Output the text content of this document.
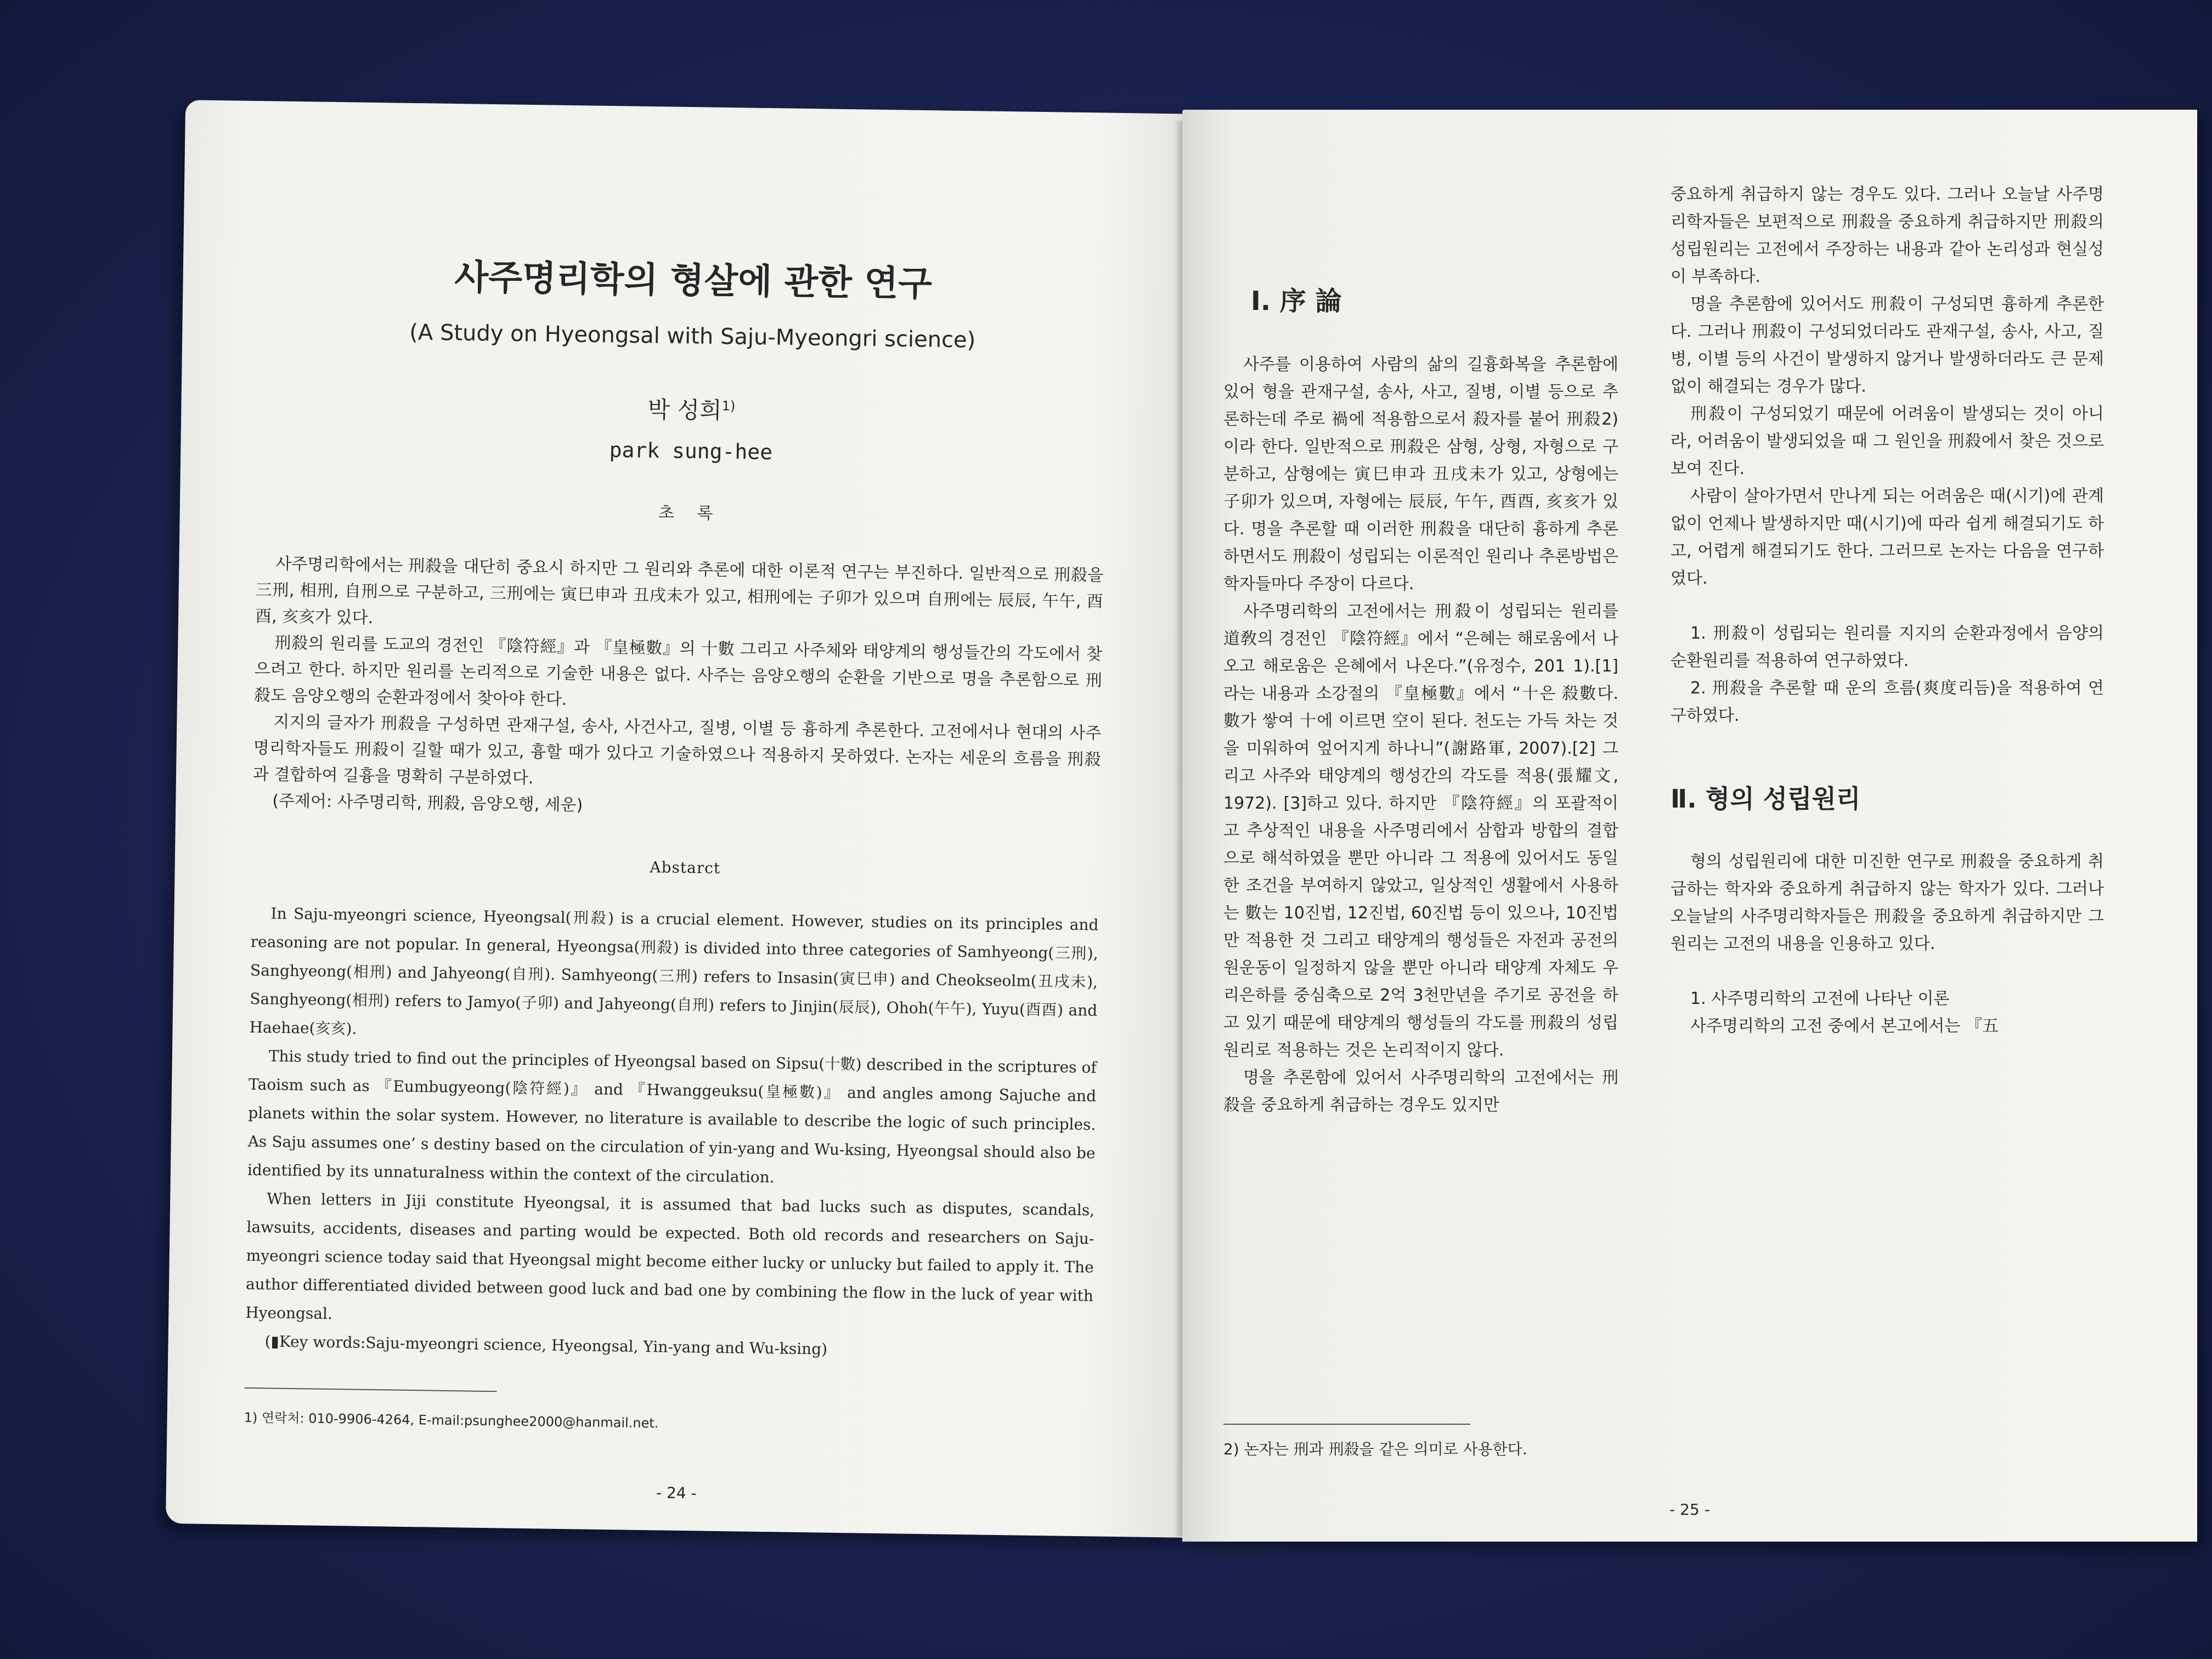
사주명리학의 형살에 관한 연구
(A Study on Hyeongsal with Saju-Myeongri science)
박 성희$^{1)}$
park sung-hee
초 록

사주명리학에서는 刑殺을 대단히 중요시 하지만 그 원리와 추론에 대한 이론적 연구는 부진하다. 일반적으로 刑殺을 三刑, 相刑, 自刑으로 구분하고, 三刑에는 寅巳申과 丑戌未가 있고, 相刑에는 子卯가 있으며 自刑에는 辰辰, 午午, 酉酉, 亥亥가 있다.

刑殺의 원리를 도교의 경전인 『陰符經』과 『皇極數』의 十數 그리고 사주체와 태양계의 행성들간의 각도에서 찾으려고 한다. 하지만 원리를 논리적으로 기술한 내용은 없다. 사주는 음양오행의 순환을 기반으로 명을 추론함으로 刑殺도 음양오행의 순환과정에서 찾아야 한다.

지지의 글자가 刑殺을 구성하면 관재구설, 송사, 사건사고, 질병, 이별 등 흉하게 추론한다. 고전에서나 현대의 사주명리학자들도 刑殺이 길할 때가 있고, 흉할 때가 있다고 기술하였으나 적용하지 못하였다. 논자는 세운의 흐름을 刑殺과 결합하여 길흉을 명확히 구분하였다.

(주제어: 사주명리학, 刑殺, 음양오행, 세운)

Abstarct

In Saju-myeongri science, Hyeongsal(刑殺) is a crucial element. However, studies on its principles and reasoning are not popular. In general, Hyeongsa(刑殺) is divided into three categories of Samhyeong(三刑), Sanghyeong(相刑) and Jahyeong(自刑). Samhyeong(三刑) refers to Insasin(寅巳申) and Cheokseolm(丑戌未), Sanghyeong(相刑) refers to Jamyo(子卯) and Jahyeong(自刑) refers to Jinjin(辰辰), Ohoh(午午), Yuyu(酉酉) and Haehae(亥亥).

This study tried to find out the principles of Hyeongsal based on Sipsu(十數) described in the scriptures of Taoism such as 『Eumbugyeong(陰符經)』 and 『Hwanggeuksu(皇極數)』 and angles among Sajuche and planets within the solar system. However, no literature is available to describe the logic of such principles. As Saju assumes one’ s destiny based on the circulation of yin-yang and Wu-ksing, Hyeongsal should also be identified by its unnaturalness within the context of the circulation.

When letters in Jiji constitute Hyeongsal, it is assumed that bad lucks such as disputes, scandals, lawsuits, accidents, diseases and parting would be expected. Both old records and researchers on Saju-myeongri science today said that Hyeongsal might become either lucky or unlucky but failed to apply it. The author differentiated divided between good luck and bad one by combining the flow in the luck of year with Hyeongsal.

(▮Key words:Saju-myeongri science, Hyeongsal, Yin-yang and Wu-ksing)

1) 연락처: 010-9906-4264, E-mail:psunghee2000@hanmail.net.
- 24 -
Ⅰ. 序 論

사주를 이용하여 사람의 삶의 길흉화복을 추론함에 있어 형을 관재구설, 송사, 사고, 질병, 이별 등으로 추론하는데 주로 禍에 적용함으로서 殺자를 붙어 刑殺2)이라 한다. 일반적으로 刑殺은 삼형, 상형, 자형으로 구분하고, 삼형에는 寅巳申과 丑戌未가 있고, 상형에는 子卯가 있으며, 자형에는 辰辰, 午午, 酉酉, 亥亥가 있다. 명을 추론할 때 이러한 刑殺을 대단히 흉하게 추론하면서도 刑殺이 성립되는 이론적인 원리나 추론방법은 학자들마다 주장이 다르다.

사주명리학의 고전에서는 刑殺이 성립되는 원리를 道敎의 경전인 『陰符經』에서 “은혜는 해로움에서 나오고 해로움은 은혜에서 나온다.”(유정수, 201 1).[1]라는 내용과 소강절의 『皇極數』에서 “十은 殺數다. 數가 쌓여 十에 이르면 空이 된다. 천도는 가득 차는 것을 미워하여 엎어지게 하나니”(謝路軍, 2007).[2] 그리고 사주와 태양계의 행성간의 각도를 적용(張耀文, 1972). [3]하고 있다. 하지만 『陰符經』의 포괄적이고 추상적인 내용을 사주명리에서 삼합과 방합의 결합으로 해석하였을 뿐만 아니라 그 적용에 있어서도 동일한 조건을 부여하지 않았고, 일상적인 생활에서 사용하는 數는 10진법, 12진법, 60진법 등이 있으나, 10진법만 적용한 것 그리고 태양계의 행성들은 자전과 공전의 원운동이 일정하지 않을 뿐만 아니라 태양계 자체도 우리은하를 중심축으로 2억 3천만년을 주기로 공전을 하고 있기 때문에 태양계의 행성들의 각도를 刑殺의 성립원리로 적용하는 것은 논리적이지 않다.

명을 추론함에 있어서 사주명리학의 고전에서는 刑殺을 중요하게 취급하는 경우도 있지만

2) 논자는 刑과 刑殺을 같은 의미로 사용한다.

중요하게 취급하지 않는 경우도 있다. 그러나 오늘날 사주명리학자들은 보편적으로 刑殺을 중요하게 취급하지만 刑殺의 성립원리는 고전에서 주장하는 내용과 같아 논리성과 현실성이 부족하다.

명을 추론함에 있어서도 刑殺이 구성되면 흉하게 추론한다. 그러나 刑殺이 구성되었더라도 관재구설, 송사, 사고, 질병, 이별 등의 사건이 발생하지 않거나 발생하더라도 큰 문제없이 해결되는 경우가 많다.

刑殺이 구성되었기 때문에 어려움이 발생되는 것이 아니라, 어려움이 발생되었을 때 그 원인을 刑殺에서 찾은 것으로 보여 진다.

사람이 살아가면서 만나게 되는 어려움은 때(시기)에 관계없이 언제나 발생하지만 때(시기)에 따라 쉽게 해결되기도 하고, 어렵게 해결되기도 한다. 그러므로 논자는 다음을 연구하였다.

1. 刑殺이 성립되는 원리를 지지의 순환과정에서 음양의 순환원리를 적용하여 연구하였다.

2. 刑殺을 추론할 때 운의 흐름(爽度리듬)을 적용하여 연구하였다.

Ⅱ. 형의 성립원리

형의 성립원리에 대한 미진한 연구로 刑殺을 중요하게 취급하는 학자와 중요하게 취급하지 않는 학자가 있다. 그러나 오늘날의 사주명리학자들은 刑殺을 중요하게 취급하지만 그 원리는 고전의 내용을 인용하고 있다.

1. 사주명리학의 고전에 나타난 이론

사주명리학의 고전 중에서 본고에서는 『五

- 25 -
